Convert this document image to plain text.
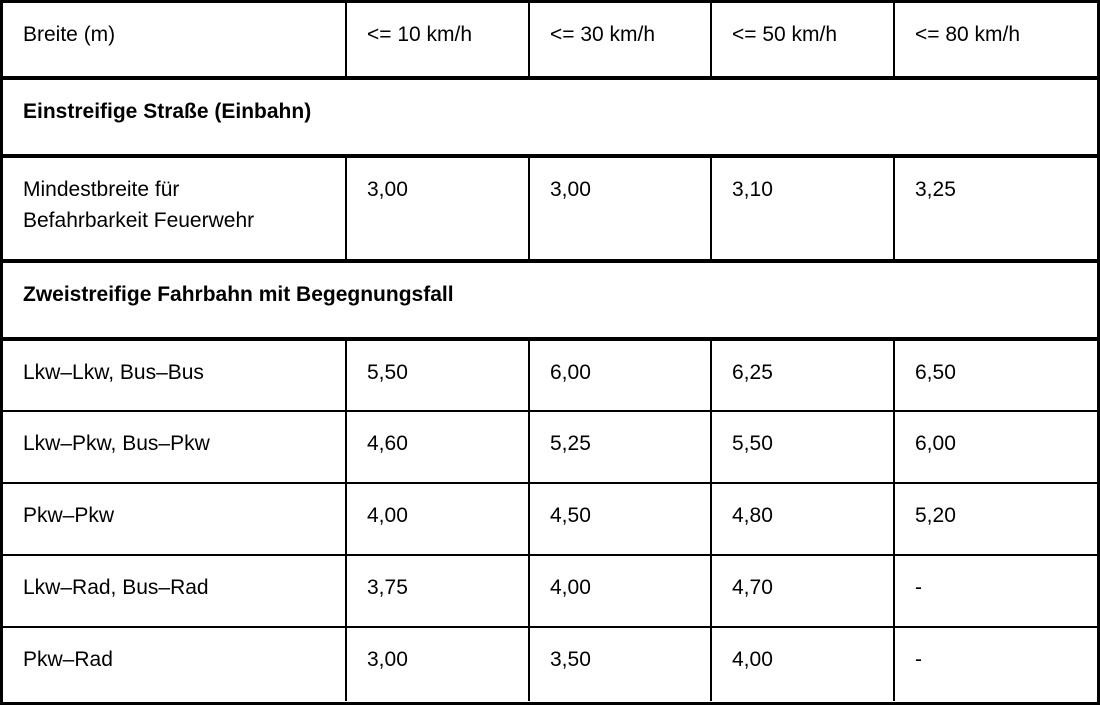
Breite (m)	<= 10 km/h	<= 30 km/h	<= 50 km/h	<= 80 km/h
Einstreifige Straße (Einbahn)				
Mindestbreite für Befahrbarkeit Feuerwehr	3,00	3,00	3,10	3,25
Zweistreifige Fahrbahn mit Begegnungsfall				
Lkw–Lkw, Bus–Bus	5,50	6,00	6,25	6,50
Lkw–Pkw, Bus–Pkw	4,60	5,25	5,50	6,00
Pkw–Pkw	4,00	4,50	4,80	5,20
Lkw–Rad, Bus–Rad	3,75	4,00	4,70	-
Pkw–Rad	3,00	3,50	4,00	-
